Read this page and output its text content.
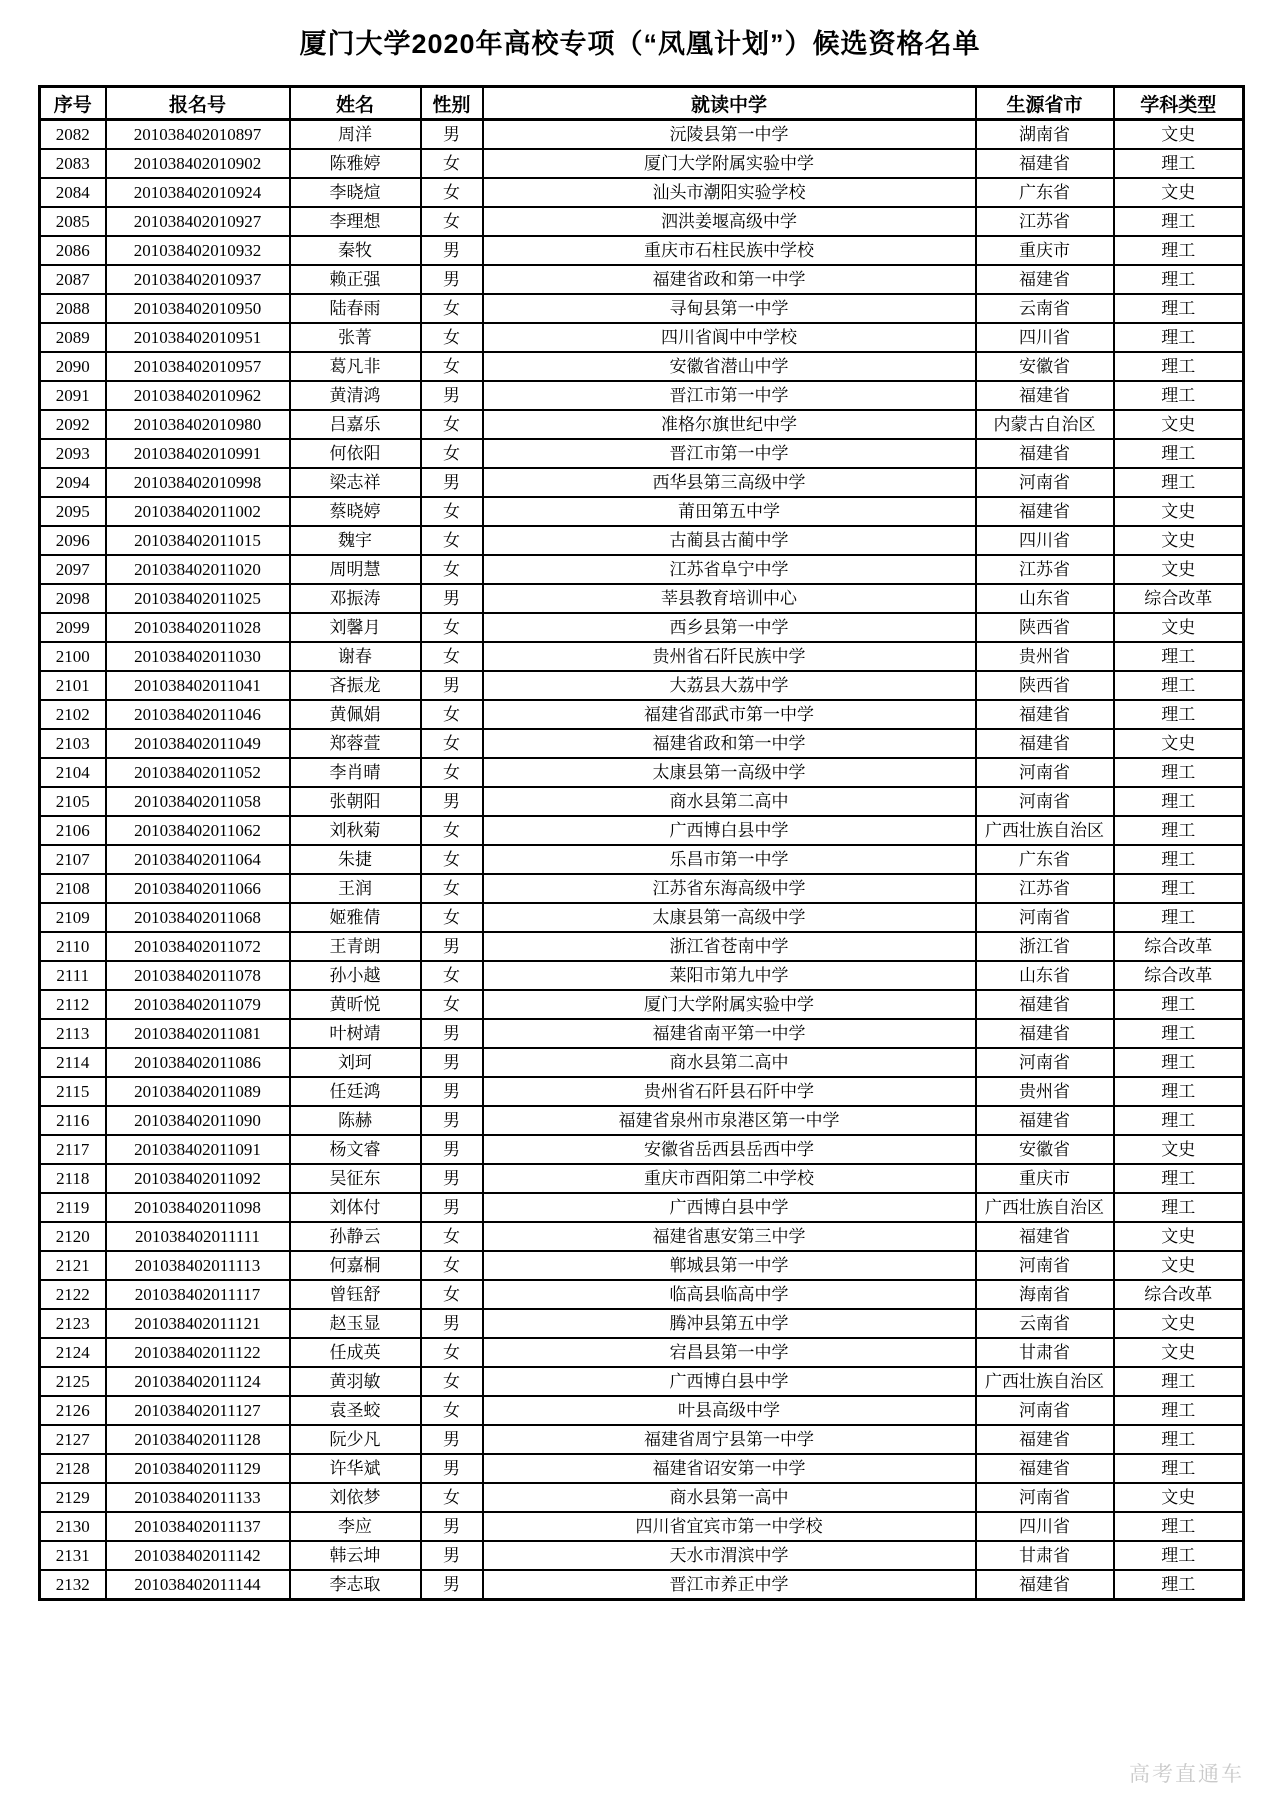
厦门大学2020年高校专项（“凤凰计划”）候选资格名单
序号	报名号	姓名	性别	就读中学	生源省市	学科类型
2082	201038402010897	周洋	男	沅陵县第一中学	湖南省	文史
2083	201038402010902	陈雅婷	女	厦门大学附属实验中学	福建省	理工
2084	201038402010924	李晓煊	女	汕头市潮阳实验学校	广东省	文史
2085	201038402010927	李理想	女	泗洪姜堰高级中学	江苏省	理工
2086	201038402010932	秦牧	男	重庆市石柱民族中学校	重庆市	理工
2087	201038402010937	赖正强	男	福建省政和第一中学	福建省	理工
2088	201038402010950	陆春雨	女	寻甸县第一中学	云南省	理工
2089	201038402010951	张菁	女	四川省阆中中学校	四川省	理工
2090	201038402010957	葛凡非	女	安徽省潜山中学	安徽省	理工
2091	201038402010962	黄清鸿	男	晋江市第一中学	福建省	理工
2092	201038402010980	吕嘉乐	女	准格尔旗世纪中学	内蒙古自治区	文史
2093	201038402010991	何依阳	女	晋江市第一中学	福建省	理工
2094	201038402010998	梁志祥	男	西华县第三高级中学	河南省	理工
2095	201038402011002	蔡晓婷	女	莆田第五中学	福建省	文史
2096	201038402011015	魏宇	女	古蔺县古蔺中学	四川省	文史
2097	201038402011020	周明慧	女	江苏省阜宁中学	江苏省	文史
2098	201038402011025	邓振涛	男	莘县教育培训中心	山东省	综合改革
2099	201038402011028	刘馨月	女	西乡县第一中学	陕西省	文史
2100	201038402011030	谢春	女	贵州省石阡民族中学	贵州省	理工
2101	201038402011041	吝振龙	男	大荔县大荔中学	陕西省	理工
2102	201038402011046	黄佩娟	女	福建省邵武市第一中学	福建省	理工
2103	201038402011049	郑蓉萱	女	福建省政和第一中学	福建省	文史
2104	201038402011052	李肖晴	女	太康县第一高级中学	河南省	理工
2105	201038402011058	张朝阳	男	商水县第二高中	河南省	理工
2106	201038402011062	刘秋菊	女	广西博白县中学	广西壮族自治区	理工
2107	201038402011064	朱捷	女	乐昌市第一中学	广东省	理工
2108	201038402011066	王润	女	江苏省东海高级中学	江苏省	理工
2109	201038402011068	姬雅倩	女	太康县第一高级中学	河南省	理工
2110	201038402011072	王青朗	男	浙江省苍南中学	浙江省	综合改革
2111	201038402011078	孙小越	女	莱阳市第九中学	山东省	综合改革
2112	201038402011079	黄昕悦	女	厦门大学附属实验中学	福建省	理工
2113	201038402011081	叶树靖	男	福建省南平第一中学	福建省	理工
2114	201038402011086	刘珂	男	商水县第二高中	河南省	理工
2115	201038402011089	任廷鸿	男	贵州省石阡县石阡中学	贵州省	理工
2116	201038402011090	陈赫	男	福建省泉州市泉港区第一中学	福建省	理工
2117	201038402011091	杨文睿	男	安徽省岳西县岳西中学	安徽省	文史
2118	201038402011092	吴征东	男	重庆市酉阳第二中学校	重庆市	理工
2119	201038402011098	刘体付	男	广西博白县中学	广西壮族自治区	理工
2120	201038402011111	孙静云	女	福建省惠安第三中学	福建省	文史
2121	201038402011113	何嘉桐	女	郸城县第一中学	河南省	文史
2122	201038402011117	曾钰舒	女	临高县临高中学	海南省	综合改革
2123	201038402011121	赵玉显	男	腾冲县第五中学	云南省	文史
2124	201038402011122	任成英	女	宕昌县第一中学	甘肃省	文史
2125	201038402011124	黄羽敏	女	广西博白县中学	广西壮族自治区	理工
2126	201038402011127	袁圣蛟	女	叶县高级中学	河南省	理工
2127	201038402011128	阮少凡	男	福建省周宁县第一中学	福建省	理工
2128	201038402011129	许华斌	男	福建省诏安第一中学	福建省	理工
2129	201038402011133	刘依梦	女	商水县第一高中	河南省	文史
2130	201038402011137	李应	男	四川省宜宾市第一中学校	四川省	理工
2131	201038402011142	韩云坤	男	天水市渭滨中学	甘肃省	理工
2132	201038402011144	李志取	男	晋江市养正中学	福建省	理工
高考直通车
